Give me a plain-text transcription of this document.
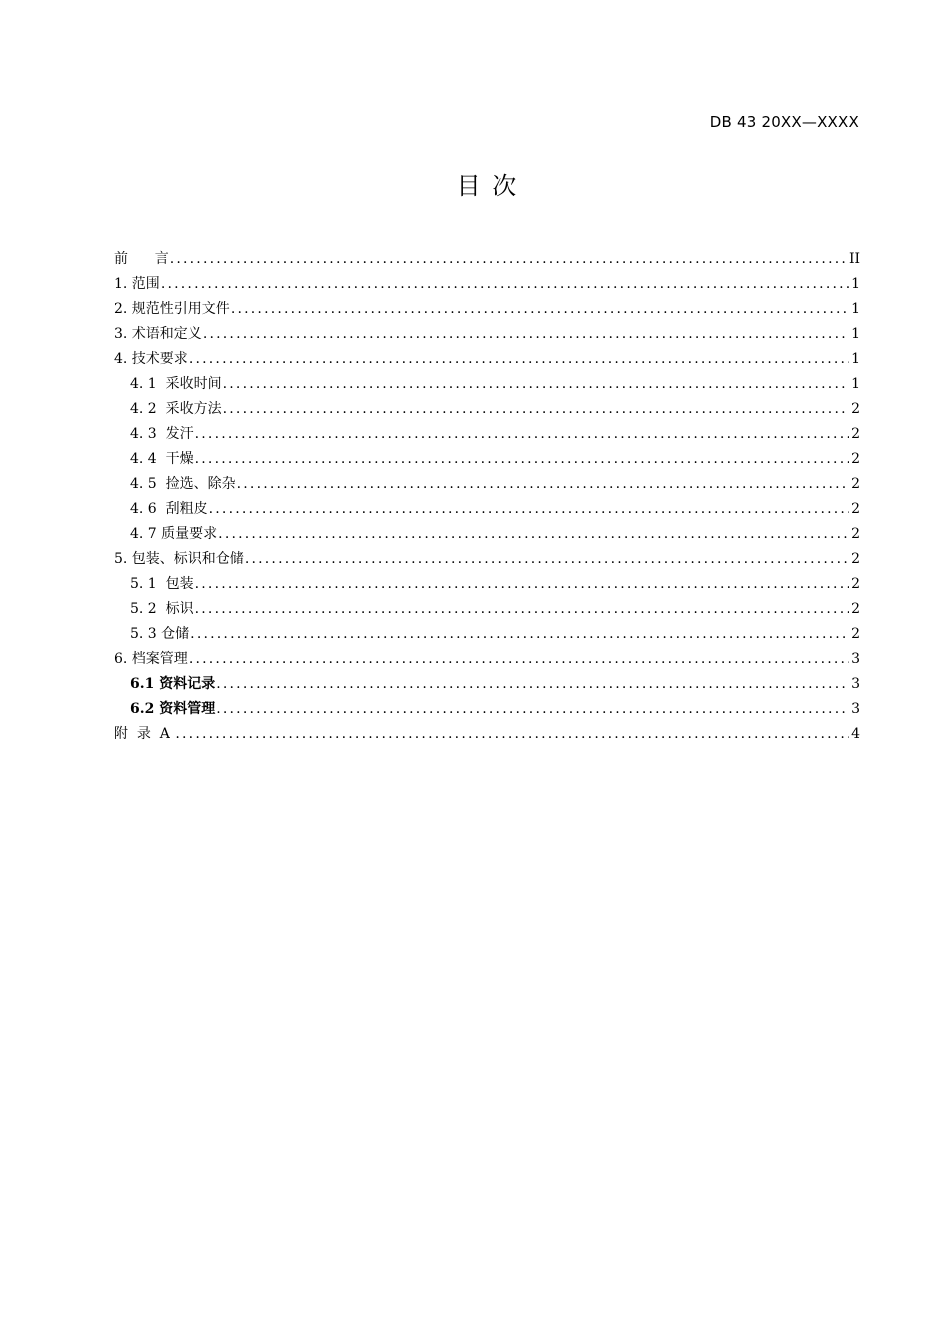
DB 43 20XX—XXXX
目 次
前      言 .....	II
1. 范围 .....	1
2. 规范性引用文件 .....	1
3. 术语和定义 .....	1
4. 技术要求 .....	1
4. 1  采收时间 .....	1
4. 2  采收方法 .....	2
4. 3  发汗 .....	2
4. 4  干燥 .....	2
4. 5  捡选、除杂 .....	2
4. 6  刮粗皮 .....	2
4. 7 质量要求 .....	2
5. 包装、标识和仓储 .....	2
5. 1  包装 .....	2
5. 2  标识 .....	2
5. 3 仓储 .....	2
6. 档案管理 .....	3
6.1 资料记录 .....	3
6.2 资料管理 .....	3
附  录  A .....	4
